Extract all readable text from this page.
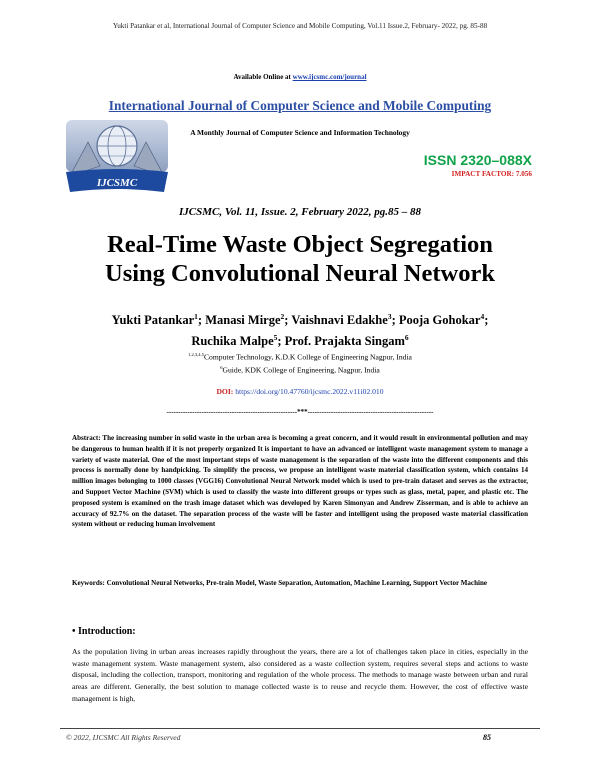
Yukti Patankar et al, International Journal of Computer Science and Mobile Computing, Vol.11 Issue.2, February- 2022, pg. 85-88
Available Online at www.ijcsmc.com/journal
International Journal of Computer Science and Mobile Computing
A Monthly Journal of Computer Science and Information Technology
IJCSMC
ISSN 2320–088X
IMPACT FACTOR: 7.056
IJCSMC, Vol. 11, Issue. 2, February 2022, pg.85 – 88
Real-Time Waste Object Segregation
Using Convolutional Neural Network
Yukti Patankar$^1$; Manasi Mirge$^2$; Vaishnavi Edakhe$^3$; Pooja Gohokar$^4$;
Ruchika Malpe$^5$; Prof. Prajakta Singam$^6$
$^{1,2,3,4,5}$Computer Technology, K.D.K College of Engineering Nagpur, India
$^6$Guide, KDK College of Engineering, Nagpur, India
DOI: https://doi.org/10.47760/ijcsmc.2022.v11i02.010
--------------------------------------------------------***------------------------------------------------------
Abstract: The increasing number in solid waste in the urban area is becoming a great concern, and it would result in environmental pollution and may be dangerous to human health if it is not properly organized It is important to have an advanced or intelligent waste management system to manage a variety of waste material. One of the most important steps of waste management is the separation of the waste into the different components and this process is normally done by handpicking. To simplify the process, we propose an intelligent waste material classification system, which contains 14 million images belonging to 1000 classes (VGG16) Convolutional Neural Network model which is used to pre-train dataset and serves as the extractor, and Support Vector Machine (SVM) which is used to classify the waste into different groups or types such as glass, metal, paper, and plastic etc. The proposed system is examined on the trash image dataset which was developed by Karen Simonyan and Andrew Zisserman, and is able to achieve an accuracy of 92.7% on the dataset. The separation process of the waste will be faster and intelligent using the proposed waste material classification system without or reducing human involvement
Keywords: Convolutional Neural Networks, Pre-train Model, Waste Separation, Automation, Machine Learning, Support Vector Machine
• Introduction:
As the population living in urban areas increases rapidly throughout the years, there are a lot of challenges taken place in cities, especially in the waste management system. Waste management system, also considered as a waste collection system, requires several steps and actions to waste disposal, including the collection, transport, monitoring and regulation of the whole process. The methods to manage waste between urban and rural areas are different. Generally, the best solution to manage collected waste is to reuse and recycle them. However, the cost of effective waste management is high,
© 2022, IJCSMC All Rights Reserved	85
